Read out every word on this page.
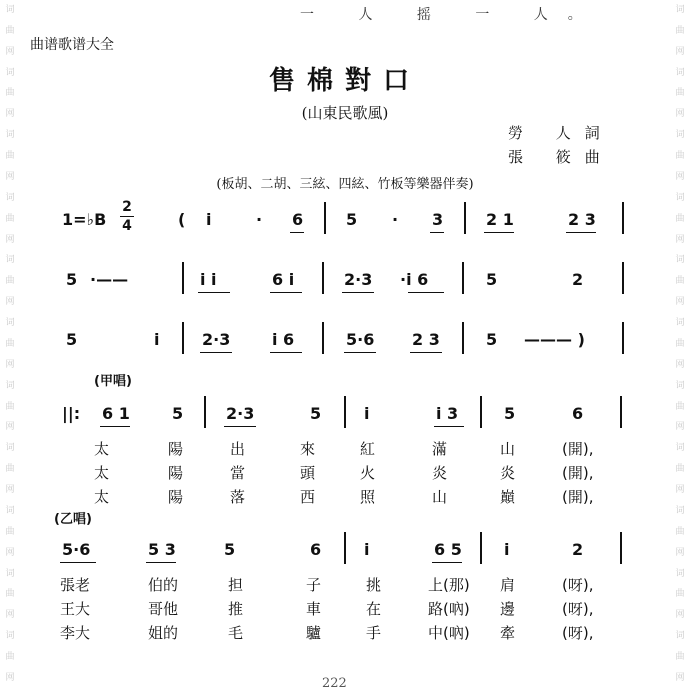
词
曲
网
词
曲
网
词
曲
网
词
曲
网
词
曲
网
词
曲
网
词
曲
网
词
曲
网
词
曲
网
词
曲
网
词
曲
网
词
曲
网
词
曲
网
词
曲
网
词
曲
网
词
曲
网
词
曲
网
词
曲
网
词
曲
网
词
曲
网
词
曲
网
词
曲
网
一 人 摇 一 人。
曲谱歌谱大全
售棉對口
(山東民歌風)
勞 人詞
張 筱曲
(板胡、二胡、三絃、四絃、竹板等樂器伴奏)
1=♭B
2
4	( i	· 6	5 · 3	2 1	2 3
5 ·——	i i	6 i	2·3 ·i 6	5	2
5	i	2·3	i 6	5·6 2 3	5 ——— )
(甲唱)
||: 6 1	5	2·3	5	i	i 3	5	6
太	陽	出	來	紅	滿	山	(開),
太	陽	當	頭	火	炎	炎	(開),
太	陽	落	西	照	山	巔	(開),
(乙唱)
5·6	5 3	5	6	i	6 5	i	2
張老	伯的	担	子	挑	上(那) 肩	(呀),
王大	哥他	推	車	在	路(吶) 邊	(呀),
李大	姐的	毛	驢	手	中(吶) 牽	(呀),
222
